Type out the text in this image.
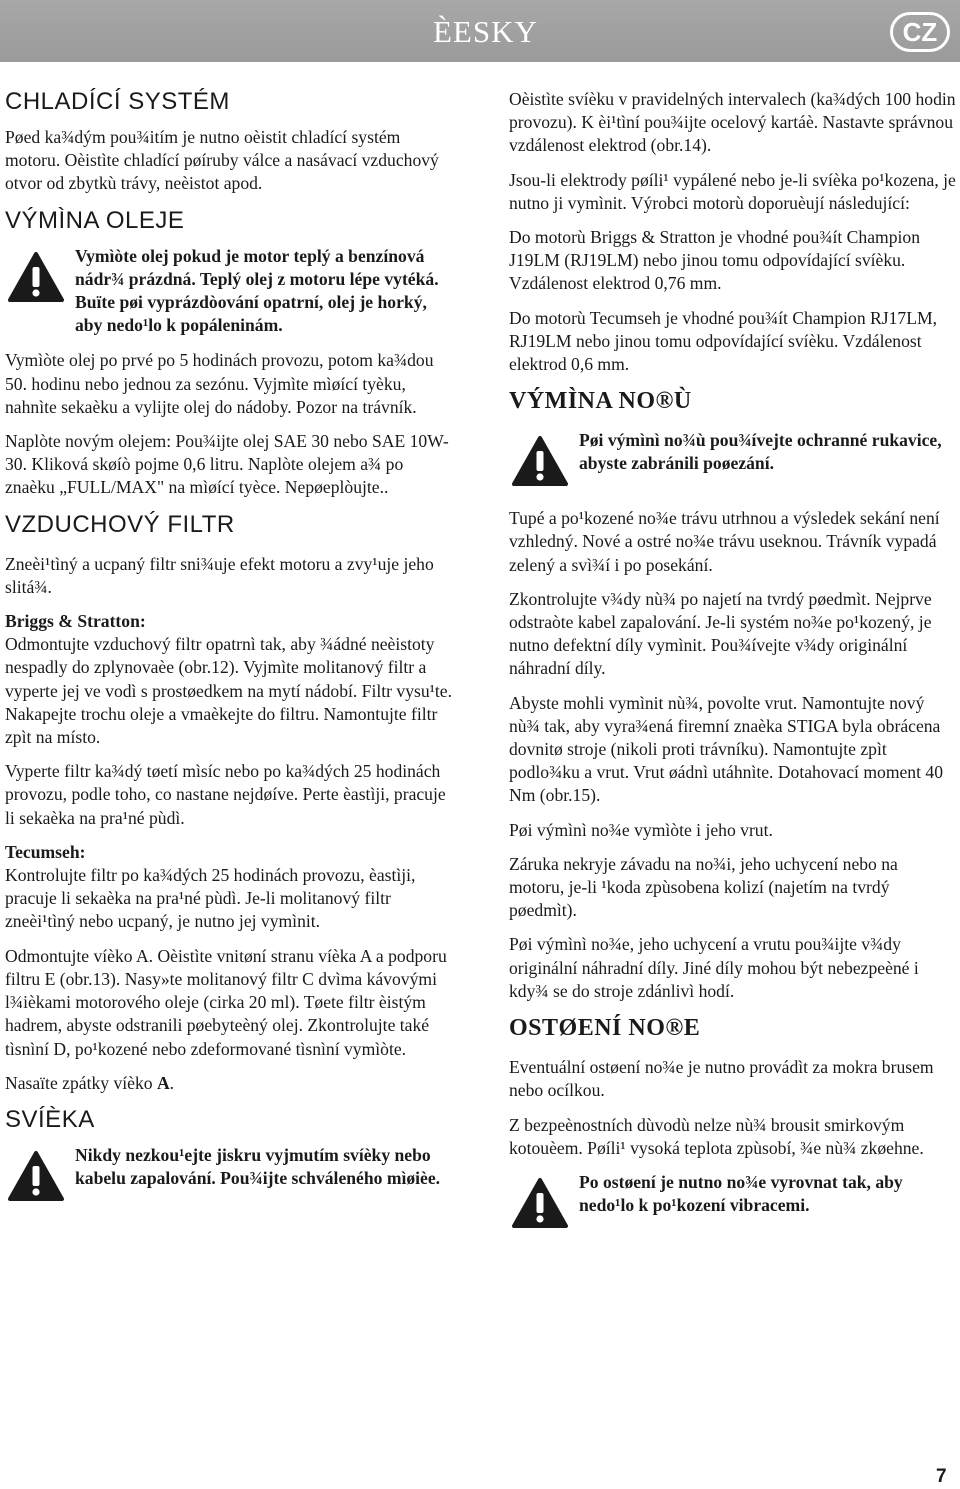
ÈESKY	CZ
CHLADÍCÍ SYSTÉM

Pøed ka¾dým pou¾itím je nutno oèistit chladící systém motoru. Oèistìte chladící pøíruby válce a nasávací vzduchový otvor od zbytkù trávy, neèistot apod.

VÝMÌNA OLEJE
Vymìòte olej pokud je motor teplý a benzínová nádr¾ prázdná. Teplý olej z motoru lépe vytéká. Buïte pøi vyprázdòování opatrní, olej je horký, aby nedo¹lo k popáleninám.

Vymìòte olej po prvé po 5 hodinách provozu, potom ka¾dou 50. hodinu nebo jednou za sezónu. Vyjmìte mìøící tyèku, nahnìte sekaèku a vylijte olej do nádoby. Pozor na trávník.

Naplòte novým olejem: Pou¾ijte olej SAE 30 nebo SAE 10W-30. Kliková skøíò pojme 0,6 litru. Naplòte olejem a¾ po znaèku „FULL/MAX" na mìøící tyèce. Nepøeplòujte..

VZDUCHOVÝ FILTR

Zneèi¹tìný a ucpaný filtr sni¾uje efekt motoru a zvy¹uje jeho slitá¾.

Briggs & Stratton:

Odmontujte vzduchový filtr opatrnì tak, aby ¾ádné neèistoty nespadly do zplynovaèe (obr.12). Vyjmìte molitanový filtr a vyperte jej ve vodì s prostøedkem na mytí nádobí. Filtr vysu¹te. Nakapejte trochu oleje a vmaèkejte do filtru. Namontujte filtr zpìt na místo.

Vyperte filtr ka¾dý tøetí mìsíc nebo po ka¾dých 25 hodinách provozu, podle toho, co nastane nejdøíve. Perte èastìji, pracuje li sekaèka na pra¹né pùdì.

Tecumseh:

Kontrolujte filtr po ka¾dých 25 hodinách provozu, èastìji, pracuje li sekaèka na pra¹né pùdì. Je-li molitanový filtr zneèi¹tìný nebo ucpaný, je nutno jej vymìnit.

Odmontujte víèko A. Oèistìte vnitøní stranu víèka A a podporu filtru E (obr.13). Nasy»te molitanový filtr C dvìma kávovými l¾ièkami motorového oleje (cirka 20 ml). Tøete filtr èistým hadrem, abyste odstranili pøebyteèný olej. Zkontrolujte také tìsnìní D, po¹kozené nebo zdeformované tìsnìní vymìòte.

Nasaïte zpátky víèko A.

SVÍÈKA
Nikdy nezkou¹ejte jiskru vyjmutím svíèky nebo kabelu zapalování. Pou¾ijte schváleného mìøièe.

Oèistìte svíèku v pravidelných intervalech (ka¾dých 100 hodin provozu). K èi¹tìní pou¾ijte ocelový kartáè. Nastavte správnou vzdálenost elektrod (obr.14).

Jsou-li elektrody pøíli¹ vypálené nebo je-li svíèka po¹kozena, je nutno ji vymìnit. Výrobci motorù doporuèují následující:

Do motorù Briggs & Stratton je vhodné pou¾ít Champion J19LM (RJ19LM) nebo jinou tomu odpovídající svíèku. Vzdálenost elektrod 0,76 mm.

Do motorù Tecumseh je vhodné pou¾ít Champion RJ17LM, RJ19LM nebo jinou tomu odpovídající svíèku. Vzdálenost elektrod 0,6 mm.

VÝMÌNA NO®Ù
Pøi výmìnì no¾ù pou¾ívejte ochranné rukavice, abyste zabránili poøezání.

Tupé a po¹kozené no¾e trávu utrhnou a výsledek sekání není vzhledný. Nové a ostré no¾e trávu useknou. Trávník vypadá zelený a svì¾í i po posekání.

Zkontrolujte v¾dy nù¾ po najetí na tvrdý pøedmìt. Nejprve odstraòte kabel zapalování. Je-li systém no¾e po¹kozený, je nutno defektní díly vymìnit. Pou¾ívejte v¾dy originální náhradní díly.

Abyste mohli vymìnit nù¾, povolte vrut. Namontujte nový nù¾ tak, aby vyra¾ená firemní znaèka STIGA byla obrácena dovnitø stroje (nikoli proti trávníku). Namontujte zpìt podlo¾ku a vrut. Vrut øádnì utáhnìte. Dotahovací moment 40 Nm (obr.15).

Pøi výmìnì no¾e vymìòte i jeho vrut.

Záruka nekryje závadu na no¾i, jeho uchycení nebo na motoru, je-li ¹koda zpùsobena kolizí (najetím na tvrdý pøedmìt).

Pøi výmìnì no¾e, jeho uchycení a vrutu pou¾ijte v¾dy originální náhradní díly. Jiné díly mohou být nebezpeèné i kdy¾ se do stroje zdánlivì hodí.

OSTØENÍ NO®E

Eventuální ostøení no¾e je nutno provádìt za mokra brusem nebo ocílkou.

Z bezpeènostních dùvodù nelze nù¾ brousit smirkovým kotouèem. Pøíli¹ vysoká teplota zpùsobí, ¾e nù¾ zkøehne.

Po ostøení je nutno no¾e vyrovnat tak, aby nedo¹lo k po¹kození vibracemi.
7
